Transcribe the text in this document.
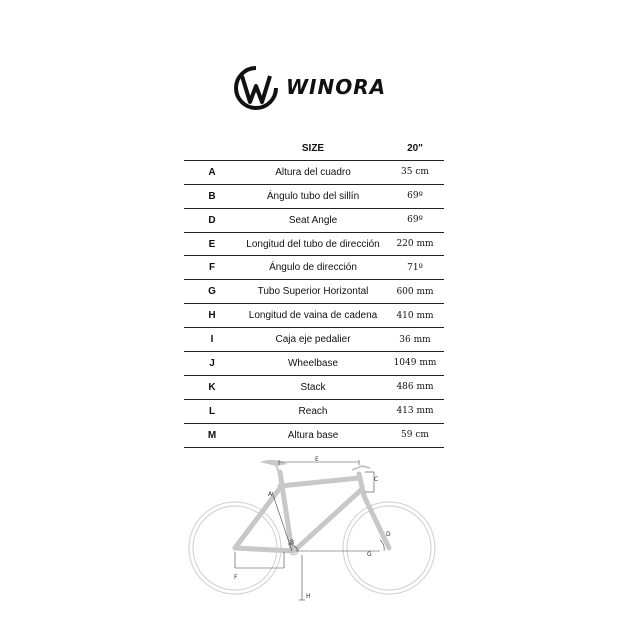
WINORA
	SIZE	20"
A	Altura del cuadro	35 cm
B	Ángulo tubo del sillín	69º
D	Seat Angle	69º
E	Longitud del tubo de dirección	220 mm
F	Ángulo de dirección	71º
G	Tubo Superior Horizontal	600 mm
H	Longitud de vaina de cadena	410 mm
I	Caja eje pedalier	36 mm
J	Wheelbase	1049 mm
K	Stack	486 mm
L	Reach	413 mm
M	Altura base	59 cm
E
A
C
B
D
G
F
H
